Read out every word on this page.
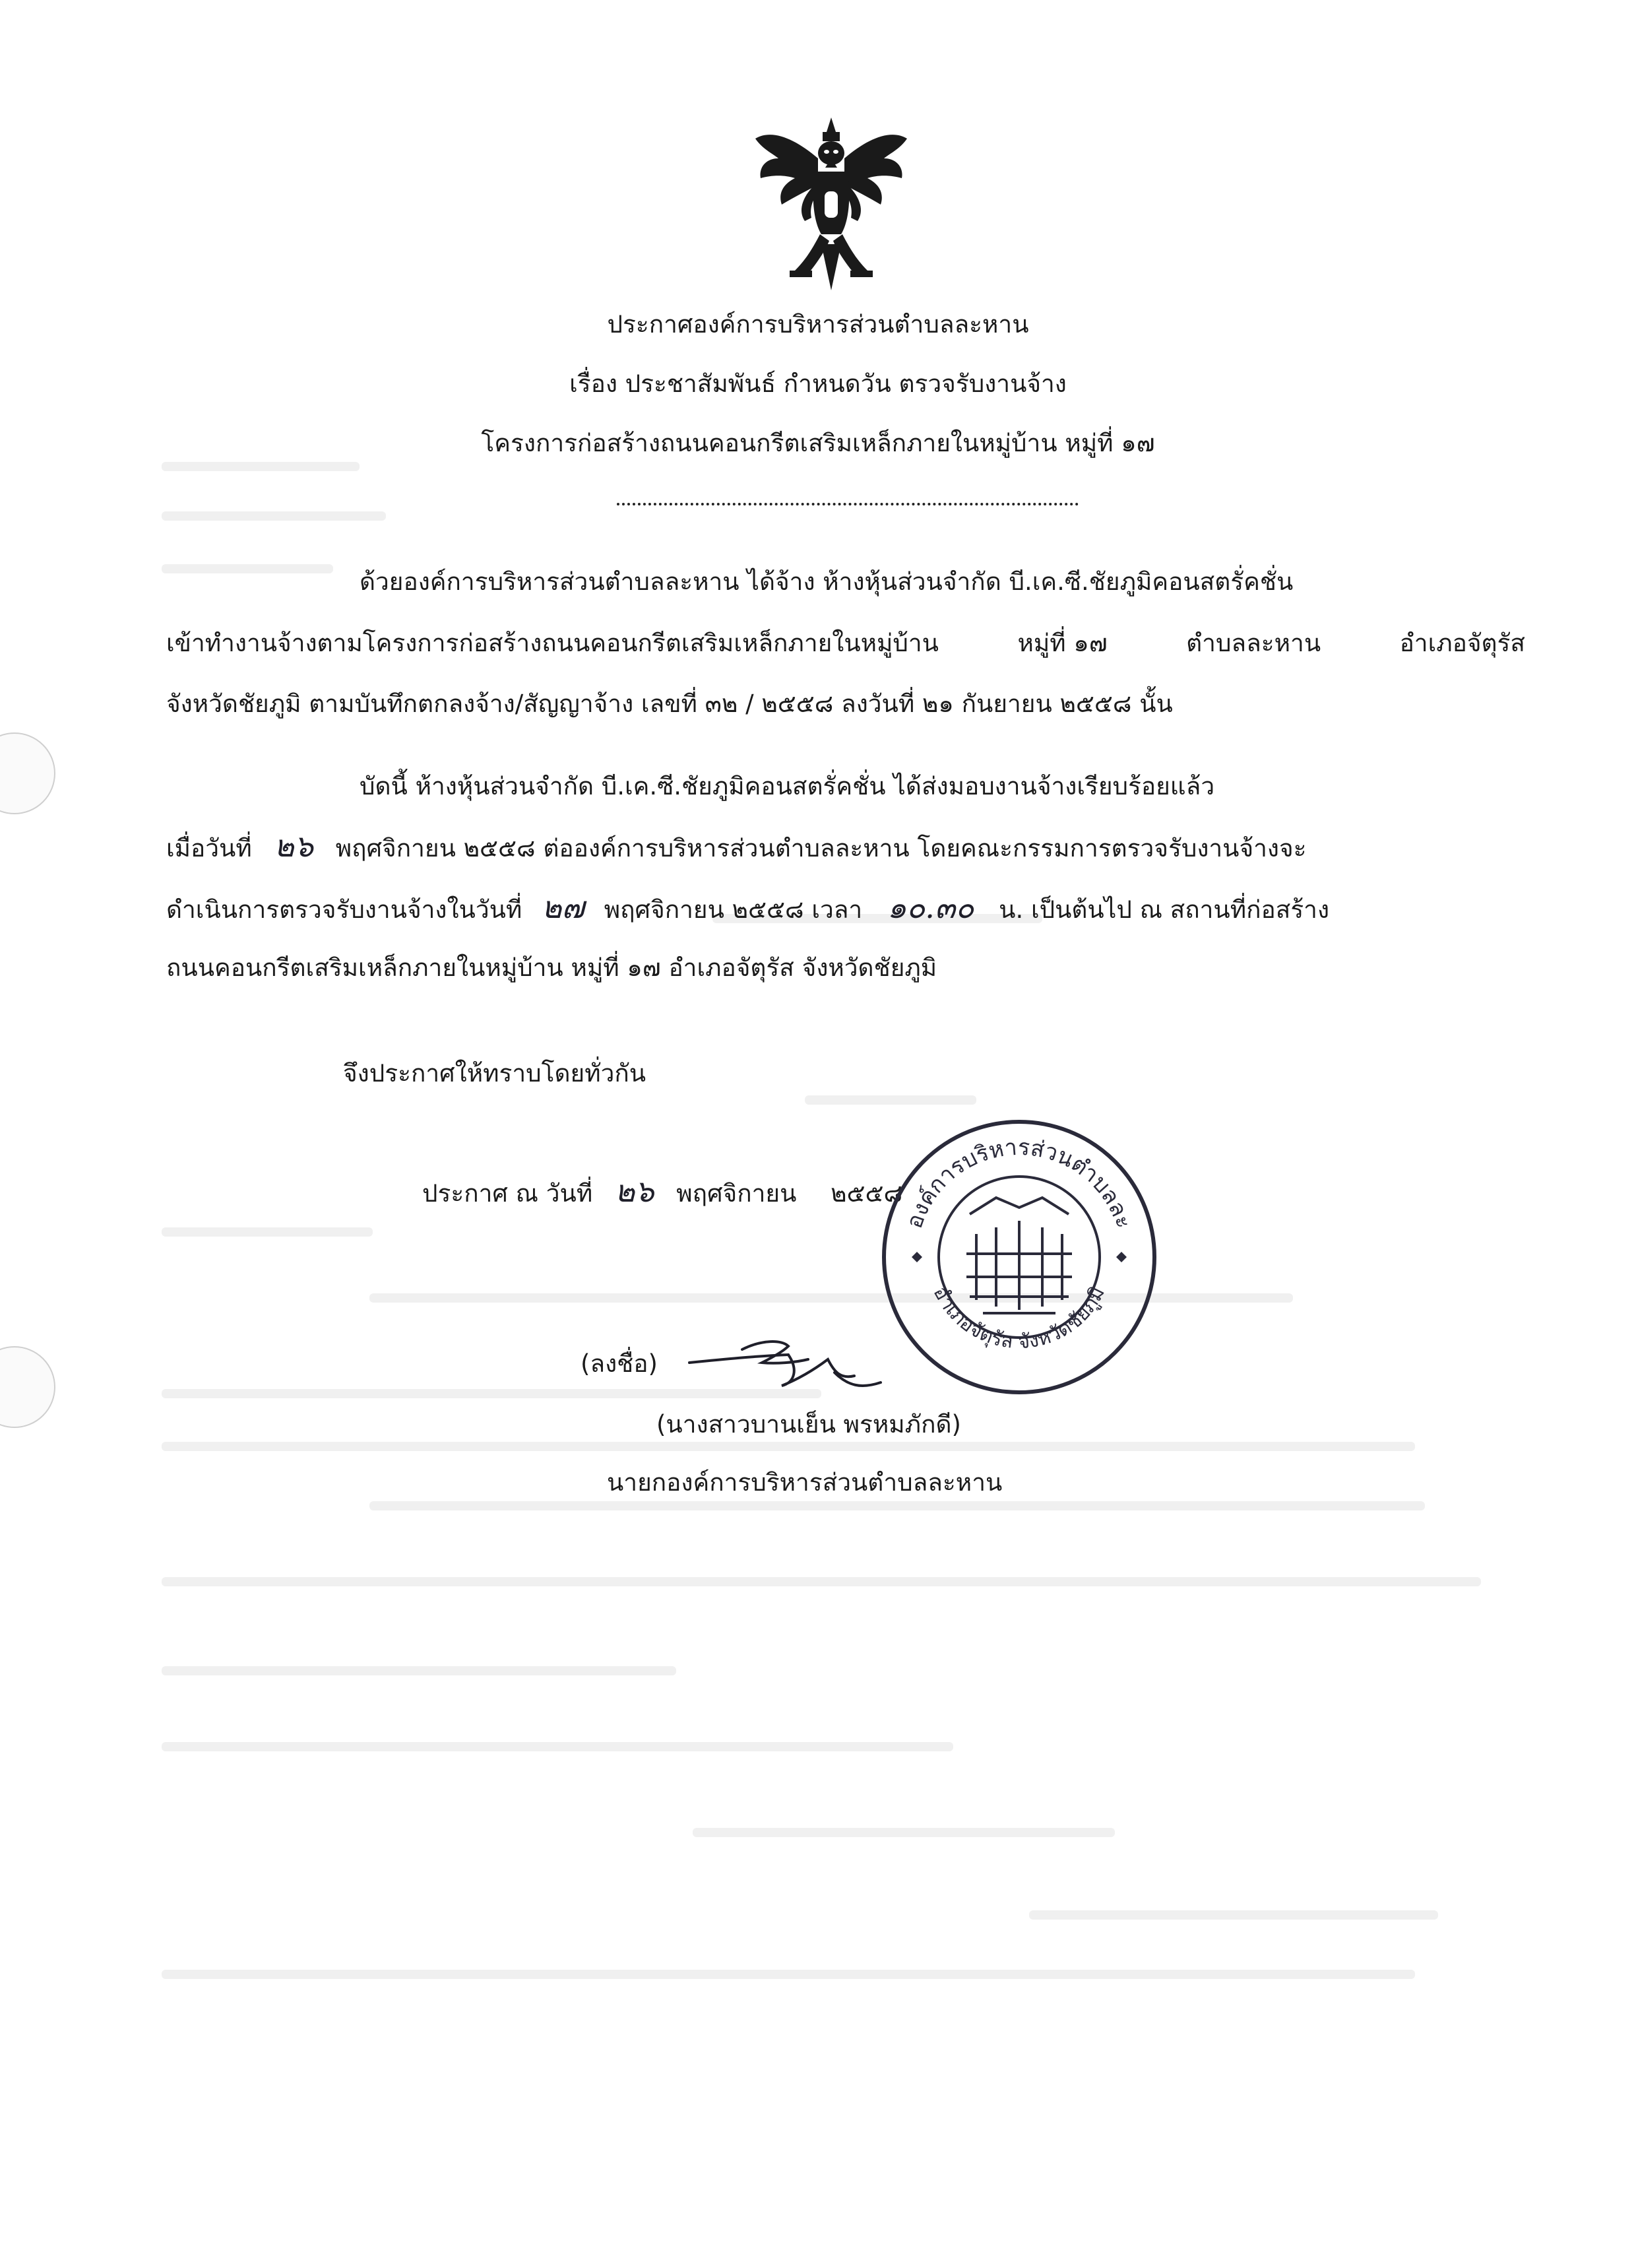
ประกาศองค์การบริหารส่วนตำบลละหาน
เรื่อง ประชาสัมพันธ์ กำหนดวัน ตรวจรับงานจ้าง
โครงการก่อสร้างถนนคอนกรีตเสริมเหล็กภายในหมู่บ้าน หมู่ที่ ๑๗
ด้วยองค์การบริหารส่วนตำบลละหาน ได้จ้าง ห้างหุ้นส่วนจำกัด บี.เค.ซี.ชัยภูมิคอนสตรั่คชั่น
เข้าทำงานจ้างตามโครงการก่อสร้างถนนคอนกรีตเสริมเหล็กภายในหมู่บ้าน	หมู่ที่ ๑๗	ตำบลละหาน	อำเภอจัตุรัส
จังหวัดชัยภูมิ ตามบันทึกตกลงจ้าง/สัญญาจ้าง เลขที่ ๓๒ / ๒๕๕๘ ลงวันที่ ๒๑ กันยายน ๒๕๕๘ นั้น
บัดนี้ ห้างหุ้นส่วนจำกัด บี.เค.ซี.ชัยภูมิคอนสตรั่คชั่น ได้ส่งมอบงานจ้างเรียบร้อยแล้ว
เมื่อวันที่ ๒๖ พฤศจิกายน ๒๕๕๘ ต่อองค์การบริหารส่วนตำบลละหาน โดยคณะกรรมการตรวจรับงานจ้างจะ
ดำเนินการตรวจรับงานจ้างในวันที่ ๒๗ พฤศจิกายน ๒๕๕๘ เวลา ๑๐.๓๐ น. เป็นต้นไป ณ สถานที่ก่อสร้าง
ถนนคอนกรีตเสริมเหล็กภายในหมู่บ้าน หมู่ที่ ๑๗ อำเภอจัตุรัส จังหวัดชัยภูมิ
จึงประกาศให้ทราบโดยทั่วกัน
ประกาศ ณ วันที่ ๒๖ พฤศจิกายน ๒๕๕๘
องค์การบริหารส่วนตำบลละ
อำเภอจัตุรัส จังหวัดชัยภูมิ
(ลงชื่อ)
(นางสาวบานเย็น พรหมภักดี)
นายกองค์การบริหารส่วนตำบลละหาน
